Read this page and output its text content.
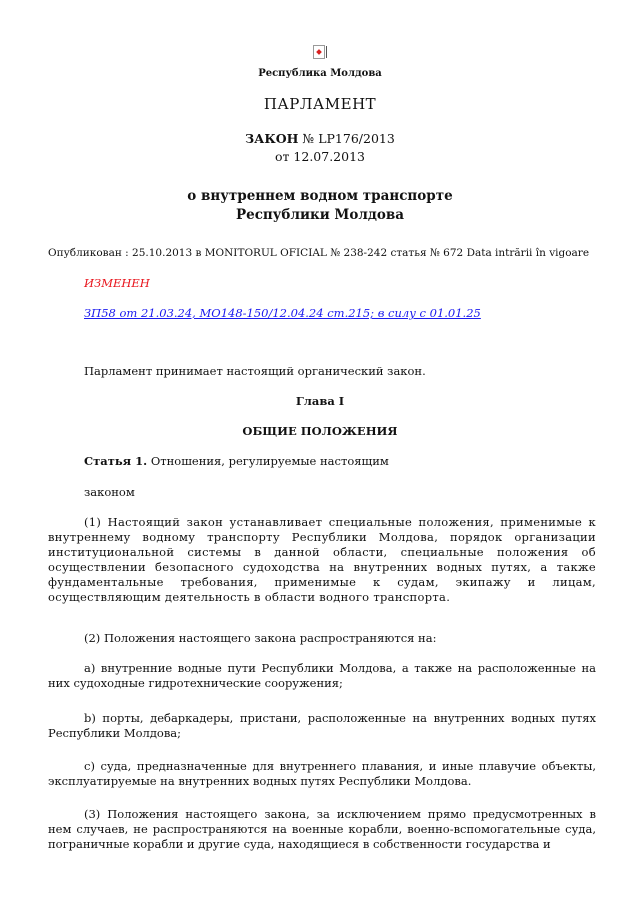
Республика Молдова
ПАРЛАМЕНТ
ЗАКОН № LP176/2013
от 12.07.2013
о внутреннем водном транспорте
Республики Молдова
Опубликован : 25.10.2013 в MONITORUL OFICIAL № 238-242 статья № 672 Data intrării în vigoare
ИЗМЕНЕН
ЗП58 от 21.03.24, MO148-150/12.04.24 ст.215; в силу с 01.01.25
Парламент принимает настоящий органический закон.
Глава I
ОБЩИЕ ПОЛОЖЕНИЯ
Статья 1. Отношения, регулируемые настоящим
законом
(1) Настоящий закон устанавливает специальные положения, применимые к внутреннему водному транспорту Республики Молдова, порядок организации институциональной системы в данной области, специальные положения об осуществлении безопасного судоходства на внутренних водных путях, а также фундаментальные требования, применимые к судам, экипажу и лицам, осуществляющим деятельность в области водного транспорта.
(2) Положения настоящего закона распространяются на:
a) внутренние водные пути Республики Молдова, а также на расположенные на них судоходные гидротехнические сооружения;
b) порты, дебаркадеры, пристани, расположенные на внутренних водных путях Республики Молдова;
c) суда, предназначенные для внутреннего плавания, и иные плавучие объекты, эксплуатируемые на внутренних водных путях Республики Молдова.
(3) Положения настоящего закона, за исключением прямо предусмотренных в нем случаев, не распространяются на военные корабли, военно-вспомогательные суда, пограничные корабли и другие суда, находящиеся в собственности государства и
